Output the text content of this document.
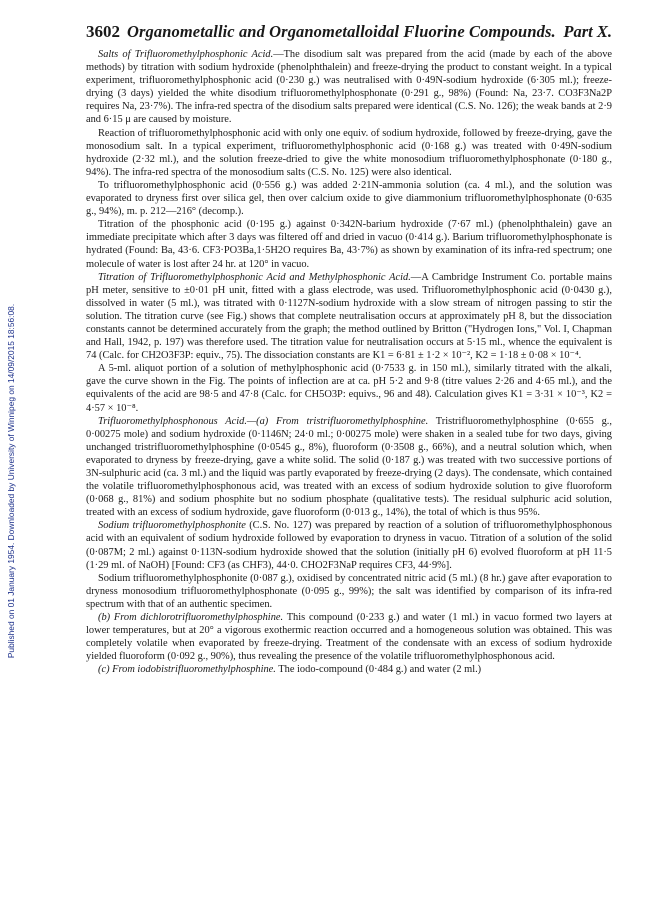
3602 Organometallic and Organometalloidal Fluorine Compounds. Part X.
Published on 01 January 1954. Downloaded by University of Winnipeg on 14/09/2015 18:56:08.

Salts of Trifluoromethylphosphonic Acid.—The disodium salt was prepared from the acid (made by each of the above methods) by titration with sodium hydroxide (phenolphthalein) and freeze-drying the product to constant weight. In a typical experiment, trifluoromethylphosphonic acid (0·230 g.) was neutralised with 0·49N-sodium hydroxide (6·305 ml.); freeze-drying (3 days) yielded the white disodium trifluoromethylphosphonate (0·291 g., 98%) (Found: Na, 23·7. CO3F3Na2P requires Na, 23·7%). The infra-red spectra of the disodium salts prepared were identical (C.S. No. 126); the weak bands at 2·9 and 6·15 μ are caused by moisture.

Reaction of trifluoromethylphosphonic acid with only one equiv. of sodium hydroxide, followed by freeze-drying, gave the monosodium salt. In a typical experiment, trifluoromethylphosphonic acid (0·168 g.) was treated with 0·49N-sodium hydroxide (2·32 ml.), and the solution freeze-dried to give the white monosodium trifluoromethylphosphonate (0·180 g., 94%). The infra-red spectra of the monosodium salts (C.S. No. 125) were also identical.

To trifluoromethylphosphonic acid (0·556 g.) was added 2·21N-ammonia solution (ca. 4 ml.), and the solution was evaporated to dryness first over silica gel, then over calcium oxide to give diammonium trifluoromethylphosphonate (0·635 g., 94%), m. p. 212—216° (decomp.).

Titration of the phosphonic acid (0·195 g.) against 0·342N-barium hydroxide (7·67 ml.) (phenolphthalein) gave an immediate precipitate which after 3 days was filtered off and dried in vacuo (0·414 g.). Barium trifluoromethylphosphonate is hydrated (Found: Ba, 43·6. CF3·PO3Ba,1·5H2O requires Ba, 43·7%) as shown by examination of its infra-red spectrum; one molecule of water is lost after 24 hr. at 120° in vacuo.

Titration of Trifluoromethylphosphonic Acid and Methylphosphonic Acid.—A Cambridge Instrument Co. portable mains pH meter, sensitive to ±0·01 pH unit, fitted with a glass electrode, was used. Trifluoromethylphosphonic acid (0·0430 g.), dissolved in water (5 ml.), was titrated with 0·1127N-sodium hydroxide with a slow stream of nitrogen passing to stir the solution. The titration curve (see Fig.) shows that complete neutralisation occurs at approximately pH 8, but the dissociation constants cannot be determined accurately from the graph; the method outlined by Britton ("Hydrogen Ions," Vol. I, Chapman and Hall, 1942, p. 197) was therefore used. The titration value for neutralisation occurs at 5·15 ml., whence the equivalent is 74 (Calc. for CH2O3F3P: equiv., 75). The dissociation constants are K1 = 6·81 ± 1·2 × 10⁻², K2 = 1·18 ± 0·08 × 10⁻⁴.

A 5-ml. aliquot portion of a solution of methylphosphonic acid (0·7533 g. in 150 ml.), similarly titrated with the alkali, gave the curve shown in the Fig. The points of inflection are at ca. pH 5·2 and 9·8 (titre values 2·26 and 4·65 ml.), and the equivalents of the acid are 98·5 and 47·8 (Calc. for CH5O3P: equivs., 96 and 48). Calculation gives K1 = 3·31 × 10⁻³, K2 = 4·57 × 10⁻⁸.

Trifluoromethylphosphonous Acid.—(a) From tristrifluoromethylphosphine. Tristrifluoromethylphosphine (0·655 g., 0·00275 mole) and sodium hydroxide (0·1146N; 24·0 ml.; 0·00275 mole) were shaken in a sealed tube for two days, giving unchanged tristrifluoromethylphosphine (0·0545 g., 8%), fluoroform (0·3508 g., 66%), and a neutral solution which, when evaporated to dryness by freeze-drying, gave a white solid. The solid (0·187 g.) was treated with two successive portions of 3N-sulphuric acid (ca. 3 ml.) and the liquid was partly evaporated by freeze-drying (2 days). The condensate, which contained the volatile trifluoromethylphosphonous acid, was treated with an excess of sodium hydroxide solution to give fluoroform (0·068 g., 81%) and sodium phosphite but no sodium phosphate (qualitative tests). The residual sulphuric acid solution, treated with an excess of sodium hydroxide, gave fluoroform (0·013 g., 14%), the total of which is thus 95%.

Sodium trifluoromethylphosphonite (C.S. No. 127) was prepared by reaction of a solution of trifluoromethylphosphonous acid with an equivalent of sodium hydroxide followed by evaporation to dryness in vacuo. Titration of a solution of the solid (0·087M; 2 ml.) against 0·113N-sodium hydroxide showed that the solution (initially pH 6) evolved fluoroform at pH 11·5 (1·29 ml. of NaOH) [Found: CF3 (as CHF3), 44·0. CHO2F3NaP requires CF3, 44·9%].

Sodium trifluoromethylphosphonite (0·087 g.), oxidised by concentrated nitric acid (5 ml.) (8 hr.) gave after evaporation to dryness monosodium trifluoromethylphosphonate (0·095 g., 99%); the salt was identified by comparison of its infra-red spectrum with that of an authentic specimen.

(b) From dichlorotrifluoromethylphosphine. This compound (0·233 g.) and water (1 ml.) in vacuo formed two layers at lower temperatures, but at 20° a vigorous exothermic reaction occurred and a homogeneous solution was obtained. This was completely volatile when evaporated by freeze-drying. Treatment of the condensate with an excess of sodium hydroxide yielded fluoroform (0·092 g., 90%), thus revealing the presence of the volatile trifluoromethylphosphonous acid.

(c) From iodobistrifluoromethylphosphine. The iodo-compound (0·484 g.) and water (2 ml.)
